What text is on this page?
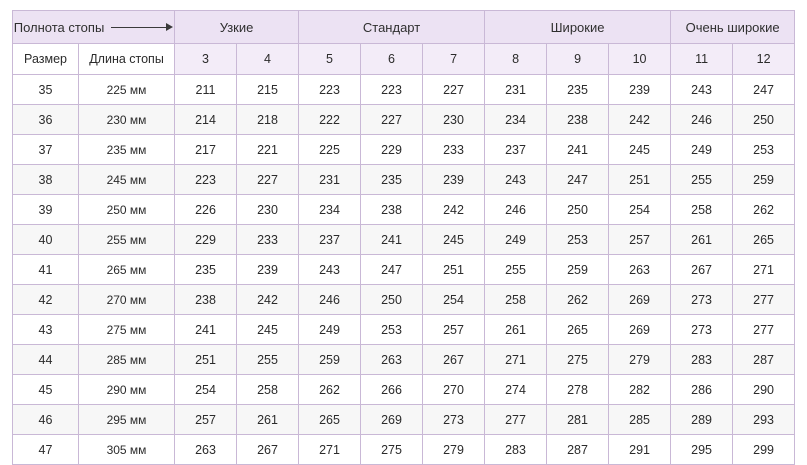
Полнота стопы		Узкие		Стандарт			Широкие			Очень широкие	
Размер	Длина стопы	3	4	5	6	7	8	9	10	11	12
35	225 мм	211	215	223	223	227	231	235	239	243	247
36	230 мм	214	218	222	227	230	234	238	242	246	250
37	235 мм	217	221	225	229	233	237	241	245	249	253
38	245 мм	223	227	231	235	239	243	247	251	255	259
39	250 мм	226	230	234	238	242	246	250	254	258	262
40	255 мм	229	233	237	241	245	249	253	257	261	265
41	265 мм	235	239	243	247	251	255	259	263	267	271
42	270 мм	238	242	246	250	254	258	262	269	273	277
43	275 мм	241	245	249	253	257	261	265	269	273	277
44	285 мм	251	255	259	263	267	271	275	279	283	287
45	290 мм	254	258	262	266	270	274	278	282	286	290
46	295 мм	257	261	265	269	273	277	281	285	289	293
47	305 мм	263	267	271	275	279	283	287	291	295	299
